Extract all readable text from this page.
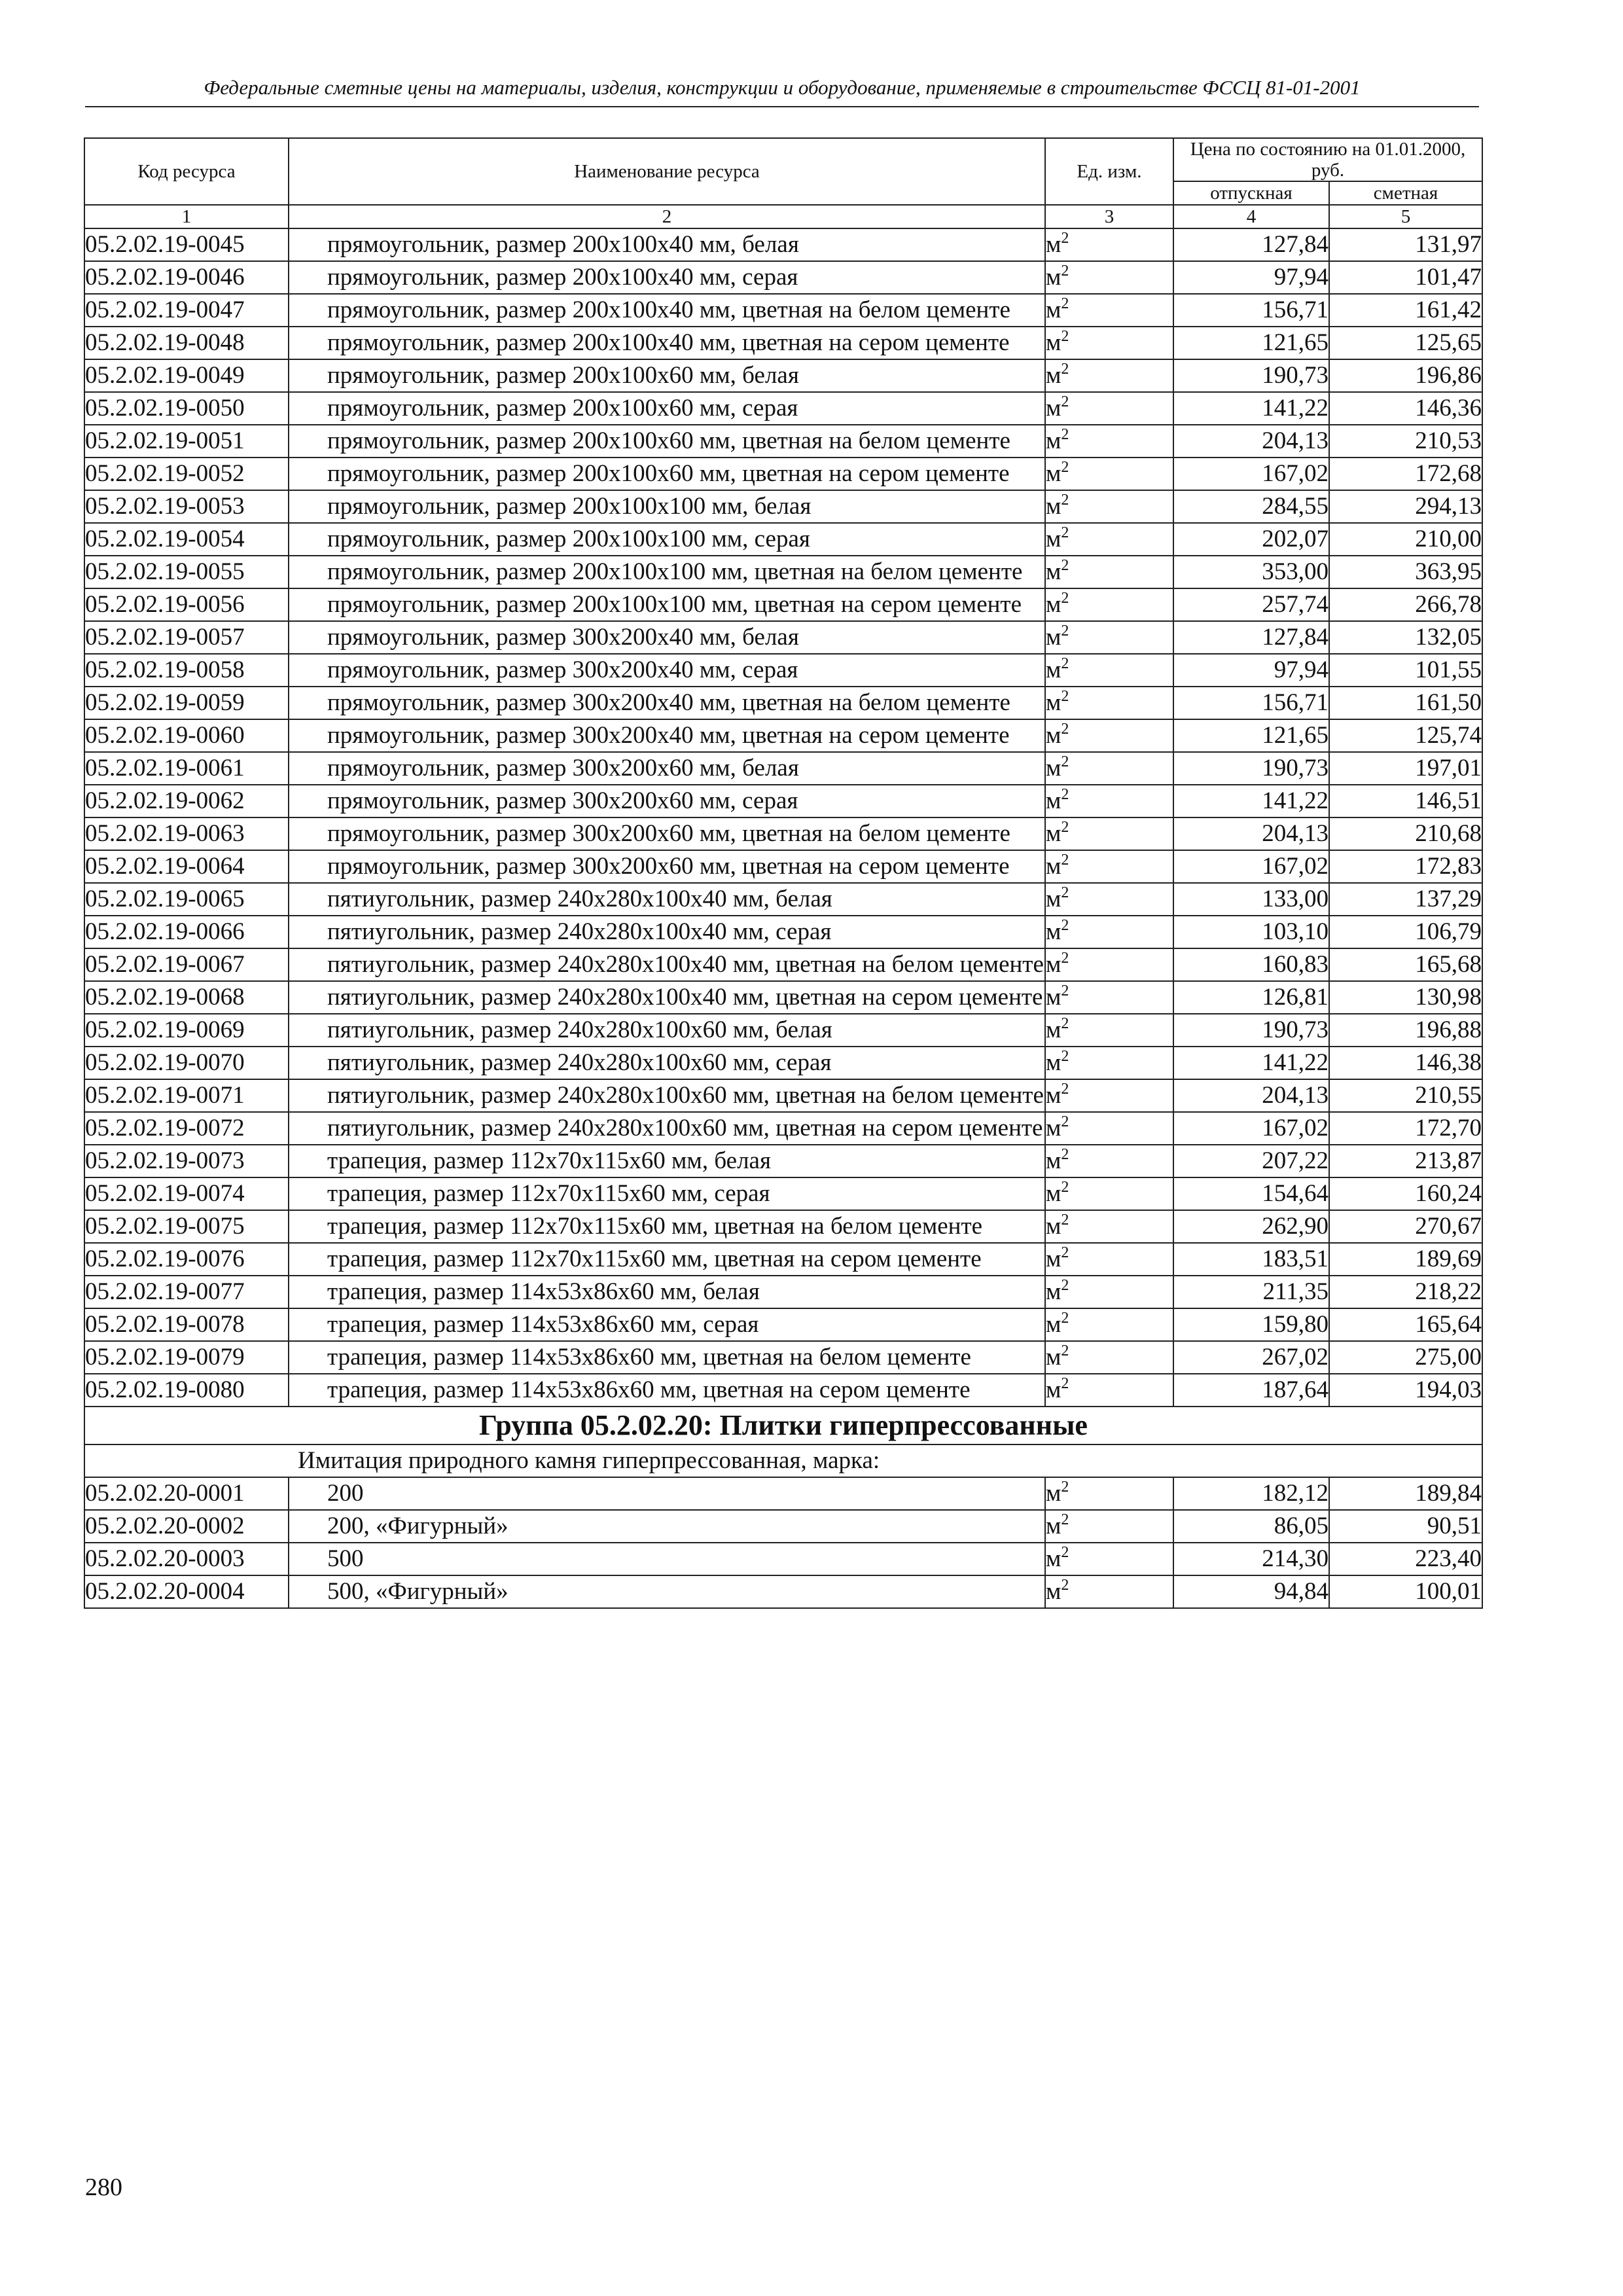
Федеральные сметные цены на материалы, изделия, конструкции и оборудование, применяемые в строительстве ФССЦ 81-01-2001
Код ресурса	Наименование ресурса	Ед. изм.	Цена по состоянию на 01.01.2000, руб.	
			отпускная	сметная
1	2	3	4	5
05.2.02.19-0045	прямоугольник, размер 200х100х40 мм, белая	$м^2$	127,84	131,97
05.2.02.19-0046	прямоугольник, размер 200х100х40 мм, серая	$м^2$	97,94	101,47
05.2.02.19-0047	прямоугольник, размер 200х100х40 мм, цветная на белом цементе	$м^2$	156,71	161,42
05.2.02.19-0048	прямоугольник, размер 200х100х40 мм, цветная на сером цементе	$м^2$	121,65	125,65
05.2.02.19-0049	прямоугольник, размер 200х100х60 мм, белая	$м^2$	190,73	196,86
05.2.02.19-0050	прямоугольник, размер 200х100х60 мм, серая	$м^2$	141,22	146,36
05.2.02.19-0051	прямоугольник, размер 200х100х60 мм, цветная на белом цементе	$м^2$	204,13	210,53
05.2.02.19-0052	прямоугольник, размер 200х100х60 мм, цветная на сером цементе	$м^2$	167,02	172,68
05.2.02.19-0053	прямоугольник, размер 200х100х100 мм, белая	$м^2$	284,55	294,13
05.2.02.19-0054	прямоугольник, размер 200х100х100 мм, серая	$м^2$	202,07	210,00
05.2.02.19-0055	прямоугольник, размер 200х100х100 мм, цветная на белом цементе	$м^2$	353,00	363,95
05.2.02.19-0056	прямоугольник, размер 200х100х100 мм, цветная на сером цементе	$м^2$	257,74	266,78
05.2.02.19-0057	прямоугольник, размер 300х200х40 мм, белая	$м^2$	127,84	132,05
05.2.02.19-0058	прямоугольник, размер 300х200х40 мм, серая	$м^2$	97,94	101,55
05.2.02.19-0059	прямоугольник, размер 300х200х40 мм, цветная на белом цементе	$м^2$	156,71	161,50
05.2.02.19-0060	прямоугольник, размер 300х200х40 мм, цветная на сером цементе	$м^2$	121,65	125,74
05.2.02.19-0061	прямоугольник, размер 300х200х60 мм, белая	$м^2$	190,73	197,01
05.2.02.19-0062	прямоугольник, размер 300х200х60 мм, серая	$м^2$	141,22	146,51
05.2.02.19-0063	прямоугольник, размер 300х200х60 мм, цветная на белом цементе	$м^2$	204,13	210,68
05.2.02.19-0064	прямоугольник, размер 300х200х60 мм, цветная на сером цементе	$м^2$	167,02	172,83
05.2.02.19-0065	пятиугольник, размер 240х280х100х40 мм, белая	$м^2$	133,00	137,29
05.2.02.19-0066	пятиугольник, размер 240х280х100х40 мм, серая	$м^2$	103,10	106,79
05.2.02.19-0067	пятиугольник, размер 240х280х100х40 мм, цветная на белом цементе	$м^2$	160,83	165,68
05.2.02.19-0068	пятиугольник, размер 240х280х100х40 мм, цветная на сером цементе	$м^2$	126,81	130,98
05.2.02.19-0069	пятиугольник, размер 240х280х100х60 мм, белая	$м^2$	190,73	196,88
05.2.02.19-0070	пятиугольник, размер 240х280х100х60 мм, серая	$м^2$	141,22	146,38
05.2.02.19-0071	пятиугольник, размер 240х280х100х60 мм, цветная на белом цементе	$м^2$	204,13	210,55
05.2.02.19-0072	пятиугольник, размер 240х280х100х60 мм, цветная на сером цементе	$м^2$	167,02	172,70
05.2.02.19-0073	трапеция, размер 112х70х115х60 мм, белая	$м^2$	207,22	213,87
05.2.02.19-0074	трапеция, размер 112х70х115х60 мм, серая	$м^2$	154,64	160,24
05.2.02.19-0075	трапеция, размер 112х70х115х60 мм, цветная на белом цементе	$м^2$	262,90	270,67
05.2.02.19-0076	трапеция, размер 112х70х115х60 мм, цветная на сером цементе	$м^2$	183,51	189,69
05.2.02.19-0077	трапеция, размер 114х53х86х60 мм, белая	$м^2$	211,35	218,22
05.2.02.19-0078	трапеция, размер 114х53х86х60 мм, серая	$м^2$	159,80	165,64
05.2.02.19-0079	трапеция, размер 114х53х86х60 мм, цветная на белом цементе	$м^2$	267,02	275,00
05.2.02.19-0080	трапеция, размер 114х53х86х60 мм, цветная на сером цементе	$м^2$	187,64	194,03
Группа 05.2.02.20: Плитки гиперпрессованные				

Имитация природного камня гиперпрессованная, марка:				

05.2.02.20-0001	200	$м^2$	182,12	189,84
05.2.02.20-0002	200, «Фигурный»	$м^2$	86,05	90,51
05.2.02.20-0003	500	$м^2$	214,30	223,40
05.2.02.20-0004	500, «Фигурный»	$м^2$	94,84	100,01
280
